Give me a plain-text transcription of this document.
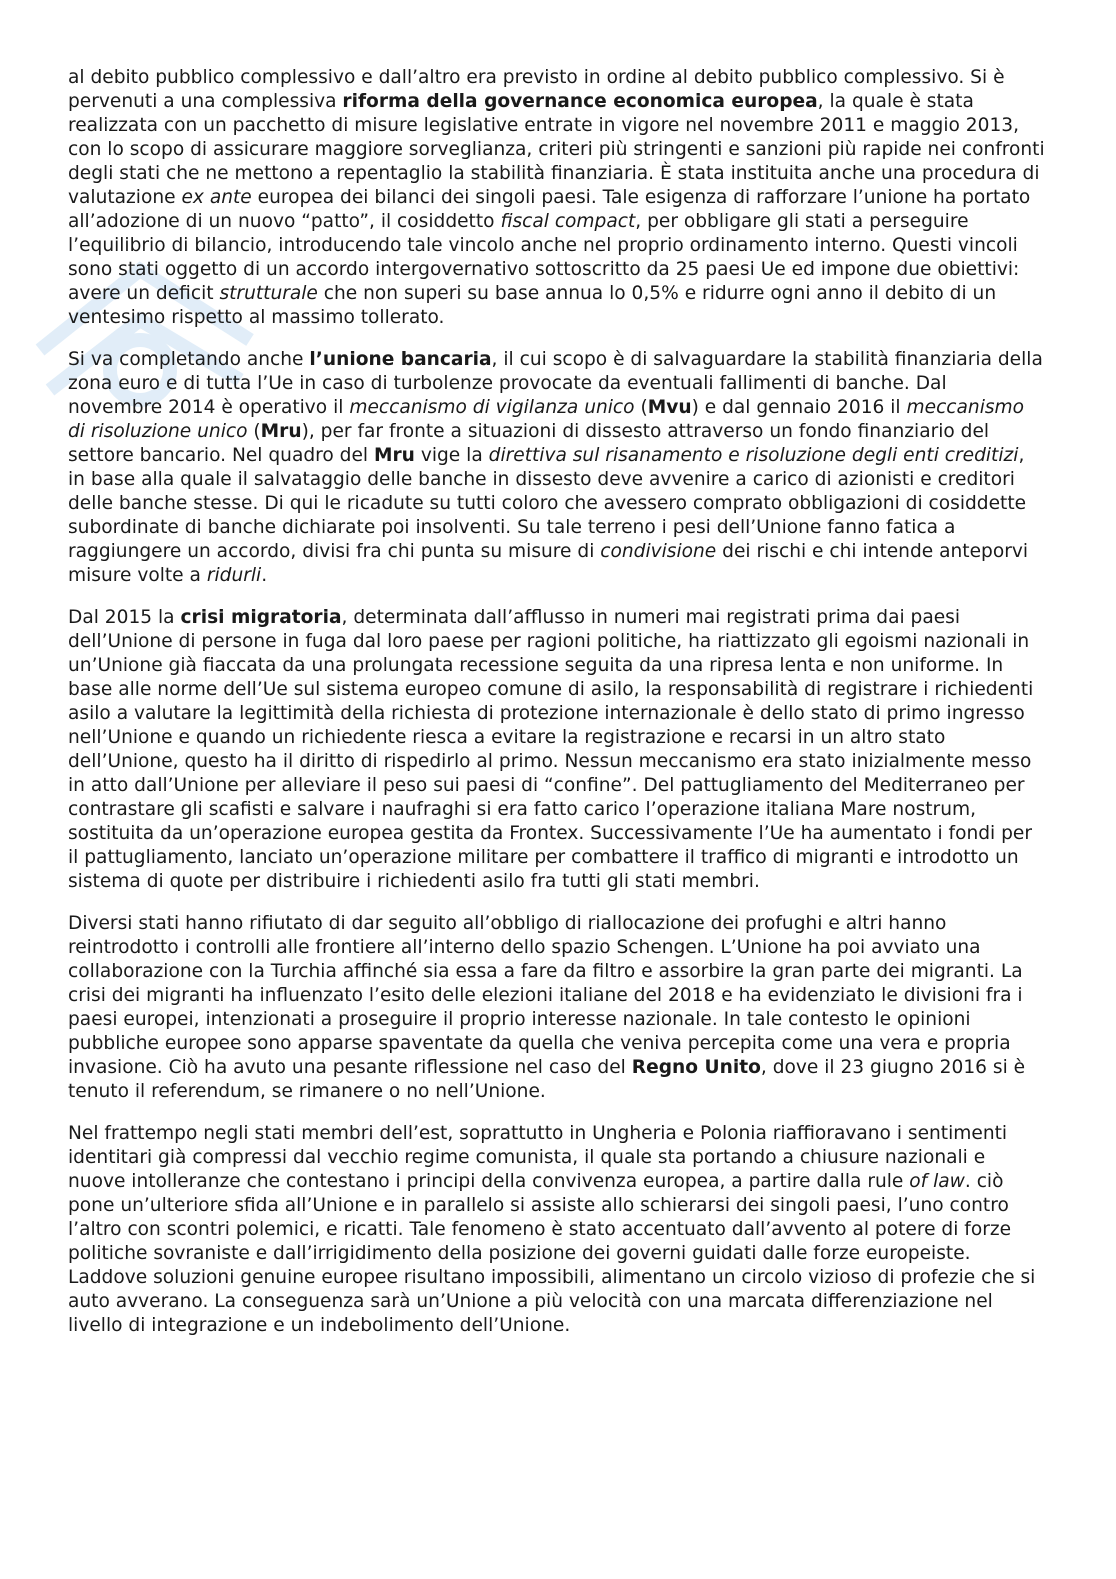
al debito pubblico complessivo e dall’altro era previsto in ordine al debito pubblico complessivo. Si è pervenuti a una complessiva riforma della governance economica europea, la quale è stata realizzata con un pacchetto di misure legislative entrate in vigore nel novembre 2011 e maggio 2013, con lo scopo di assicurare maggiore sorveglianza, criteri più stringenti e sanzioni più rapide nei confronti degli stati che ne mettono a repentaglio la stabilità finanziaria. È stata instituita anche una procedura di valutazione ex ante europea dei bilanci dei singoli paesi. Tale esigenza di rafforzare l’unione ha portato all’adozione di un nuovo “patto”, il cosiddetto fiscal compact, per obbligare gli stati a perseguire l’equilibrio di bilancio, introducendo tale vincolo anche nel proprio ordinamento interno. Questi vincoli sono stati oggetto di un accordo intergovernativo sottoscritto da 25 paesi Ue ed impone due obiettivi: avere un deficit strutturale che non superi su base annua lo 0,5% e ridurre ogni anno il debito di un ventesimo rispetto al massimo tollerato.

Si va completando anche l’unione bancaria, il cui scopo è di salvaguardare la stabilità finanziaria della zona euro e di tutta l’Ue in caso di turbolenze provocate da eventuali fallimenti di banche. Dal novembre 2014 è operativo il meccanismo di vigilanza unico (Mvu) e dal gennaio 2016 il meccanismo di risoluzione unico (Mru), per far fronte a situazioni di dissesto attraverso un fondo finanziario del settore bancario. Nel quadro del Mru vige la direttiva sul risanamento e risoluzione degli enti creditizi, in base alla quale il salvataggio delle banche in dissesto deve avvenire a carico di azionisti e creditori delle banche stesse. Di qui le ricadute su tutti coloro che avessero comprato obbligazioni di cosiddette subordinate di banche dichiarate poi insolventi. Su tale terreno i pesi dell’Unione fanno fatica a raggiungere un accordo, divisi fra chi punta su misure di condivisione dei rischi e chi intende anteporvi misure volte a ridurli.

Dal 2015 la crisi migratoria, determinata dall’afflusso in numeri mai registrati prima dai paesi dell’Unione di persone in fuga dal loro paese per ragioni politiche, ha riattizzato gli egoismi nazionali in un’Unione già fiaccata da una prolungata recessione seguita da una ripresa lenta e non uniforme. In base alle norme dell’Ue sul sistema europeo comune di asilo, la responsabilità di registrare i richiedenti asilo a valutare la legittimità della richiesta di protezione internazionale è dello stato di primo ingresso nell’Unione e quando un richiedente riesca a evitare la registrazione e recarsi in un altro stato dell’Unione, questo ha il diritto di rispedirlo al primo. Nessun meccanismo era stato inizialmente messo in atto dall’Unione per alleviare il peso sui paesi di “confine”. Del pattugliamento del Mediterraneo per contrastare gli scafisti e salvare i naufraghi si era fatto carico l’operazione italiana Mare nostrum, sostituita da un’operazione europea gestita da Frontex. Successivamente l’Ue ha aumentato i fondi per il pattugliamento, lanciato un’operazione militare per combattere il traffico di migranti e introdotto un sistema di quote per distribuire i richiedenti asilo fra tutti gli stati membri.

Diversi stati hanno rifiutato di dar seguito all’obbligo di riallocazione dei profughi e altri hanno reintrodotto i controlli alle frontiere all’interno dello spazio Schengen. L’Unione ha poi avviato una collaborazione con la Turchia affinché sia essa a fare da filtro e assorbire la gran parte dei migranti. La crisi dei migranti ha influenzato l’esito delle elezioni italiane del 2018 e ha evidenziato le divisioni fra i paesi europei, intenzionati a proseguire il proprio interesse nazionale. In tale contesto le opinioni pubbliche europee sono apparse spaventate da quella che veniva percepita come una vera e propria invasione. Ciò ha avuto una pesante riflessione nel caso del Regno Unito, dove il 23 giugno 2016 si è tenuto il referendum, se rimanere o no nell’Unione.

Nel frattempo negli stati membri dell’est, soprattutto in Ungheria e Polonia riaffioravano i sentimenti identitari già compressi dal vecchio regime comunista, il quale sta portando a chiusure nazionali e nuove intolleranze che contestano i principi della convivenza europea, a partire dalla rule of law. ciò pone un’ulteriore sfida all’Unione e in parallelo si assiste allo schierarsi dei singoli paesi, l’uno contro l’altro con scontri polemici, e ricatti. Tale fenomeno è stato accentuato dall’avvento al potere di forze politiche sovraniste e dall’irrigidimento della posizione dei governi guidati dalle forze europeiste. Laddove soluzioni genuine europee risultano impossibili, alimentano un circolo vizioso di profezie che si auto avverano. La conseguenza sarà un’Unione a più velocità con una marcata differenziazione nel livello di integrazione e un indebolimento dell’Unione.
